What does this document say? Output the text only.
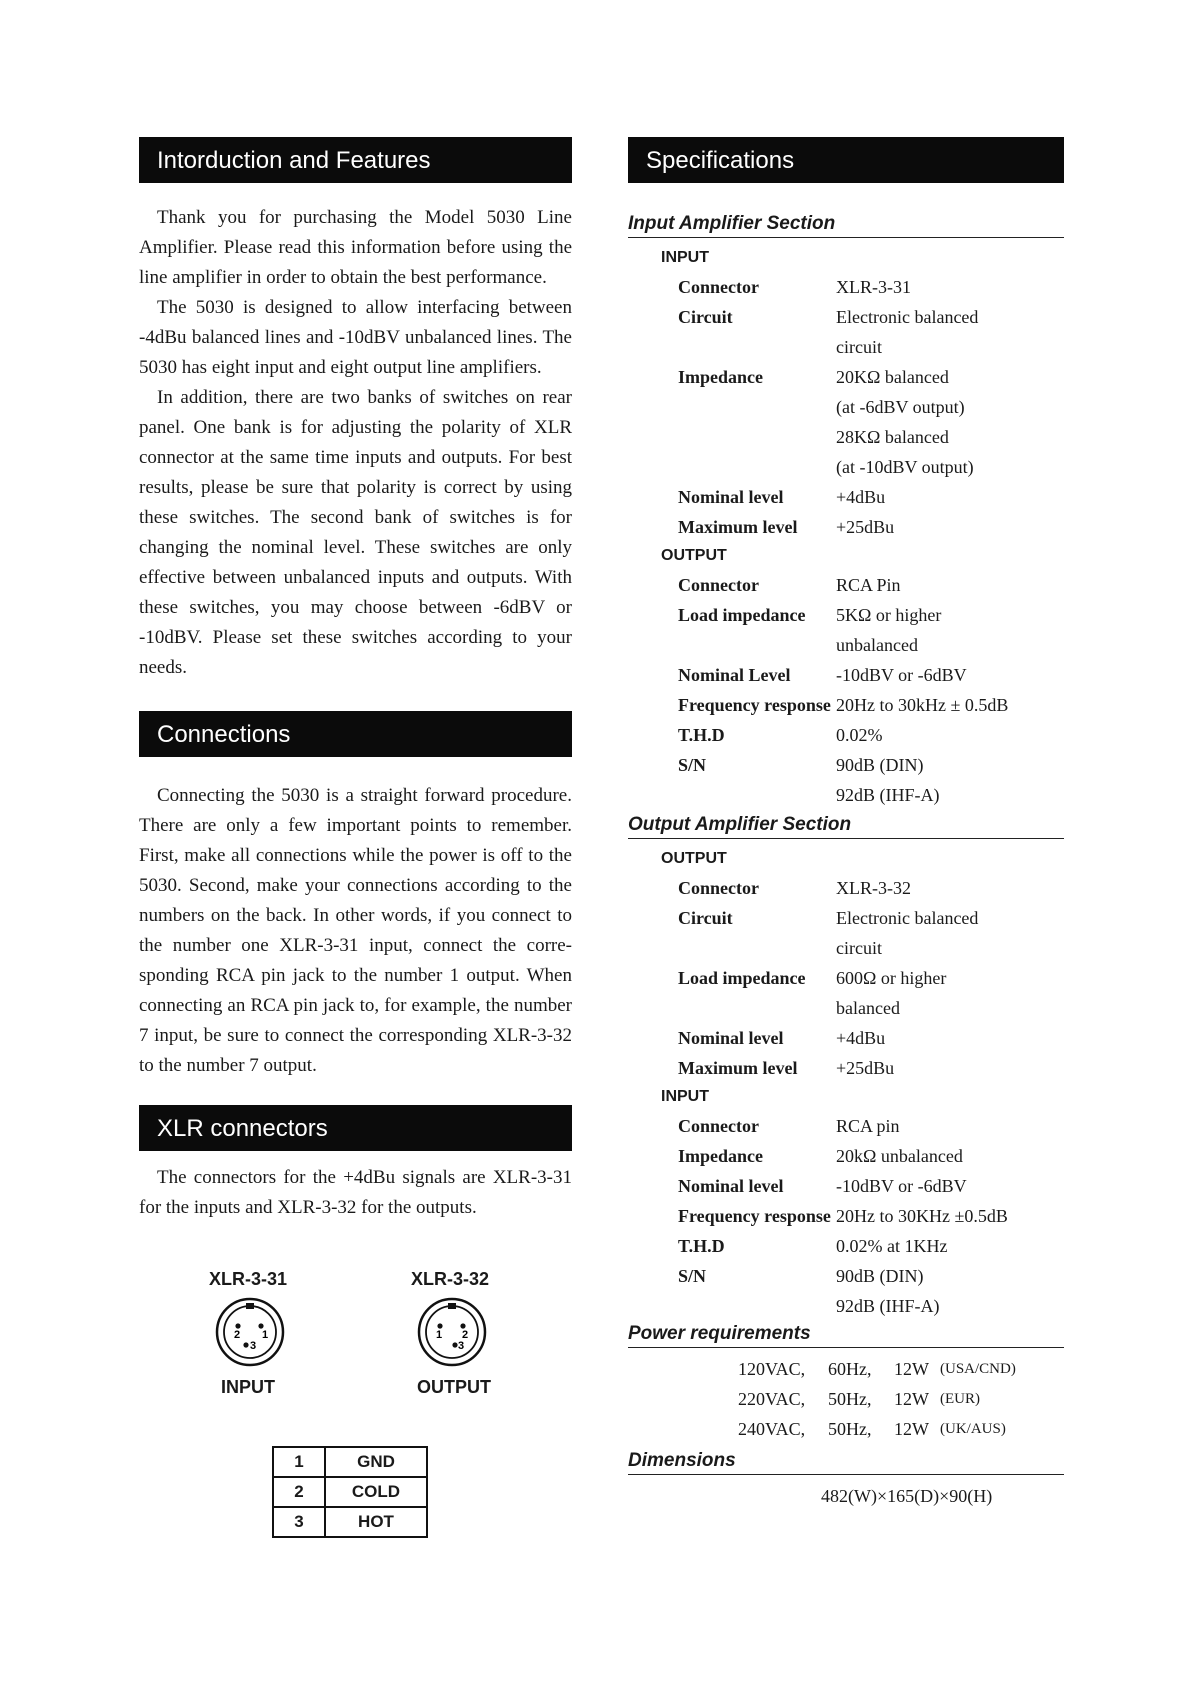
Intorduction and Features

Thank you for purchasing the Model 5030 Line Amplifier. Please read this information before using the line amplifier in order to obtain the best performance.

The 5030 is designed to allow interfacing between -4dBu balanced lines and -10dBV unbalanced lines. The 5030 has eight input and eight output line amplifiers.

In addition, there are two banks of switches on rear panel. One bank is for adjusting the polarity of XLR connector at the same time inputs and outputs. For best results, please be sure that polarity is correct by using these switches. The second bank of switches is for changing the nominal level. These switches are only effective between unbalanced inputs and outputs. With these switches, you may choose between -6dBV or -10dBV. Please set these switches according to your needs.

Connections

Connecting the 5030 is a straight forward procedure. There are only a few important points to remember. First, make all connections while the power is off to the 5030. Second, make your connections according to the numbers on the back. In other words, if you connect to the number one XLR-3-31 input, connect the corre-sponding RCA pin jack to the number 1 output. When connecting an RCA pin jack to, for example, the number 7 input, be sure to connect the corresponding XLR-3-32 to the number 7 output.

XLR connectors

The connectors for the +4dBu signals are XLR-3-31 for the inputs and XLR-3-32 for the outputs.

XLR-3-31	XLR-3-32
2 1
3
1 2
3
INPUT	OUTPUT
1	GND
2	COLD
3	HOT
Specifications
Input Amplifier Section
INPUT
Connector	XLR-3-31
Circuit	Electronic balanced
circuit
Impedance	20KΩ balanced
(at -6dBV output)
28KΩ balanced
(at -10dBV output)
Nominal level	+4dBu
Maximum level	+25dBu
OUTPUT
Connector	RCA Pin
Load impedance	5KΩ or higher
unbalanced
Nominal Level	-10dBV or -6dBV
Frequency response 20Hz to 30kHz ± 0.5dB
T.H.D	0.02%
S/N	90dB (DIN)
92dB (IHF-A)
Output Amplifier Section
OUTPUT
Connector	XLR-3-32
Circuit	Electronic balanced
circuit
Load impedance	600Ω or higher
balanced
Nominal level	+4dBu
Maximum level	+25dBu
INPUT
Connector	RCA pin
Impedance	20kΩ unbalanced
Nominal level	-10dBV or -6dBV
Frequency response 20Hz to 30KHz ±0.5dB
T.H.D	0.02% at 1KHz
S/N	90dB (DIN)
92dB (IHF-A)
Power requirements
120VAC,	60Hz,	12W (USA/CND)
220VAC,	50Hz,	12W (EUR)
240VAC,	50Hz,	12W (UK/AUS)
Dimensions
482(W)×165(D)×90(H)
